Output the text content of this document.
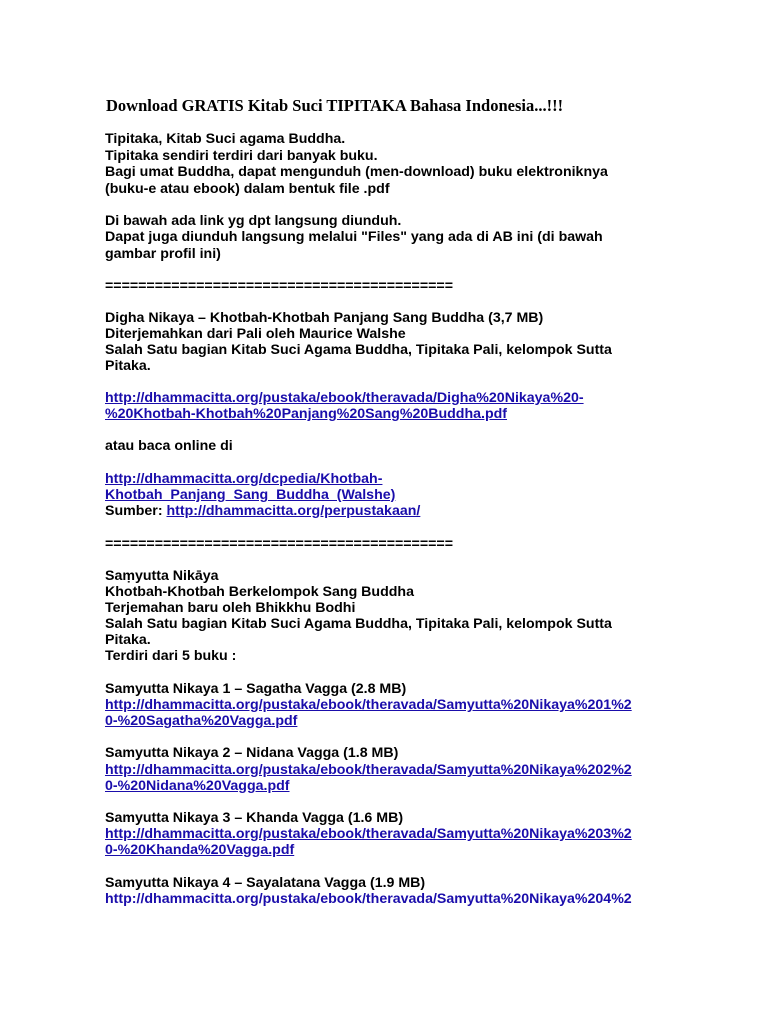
Download GRATIS Kitab Suci TIPITAKA Bahasa Indonesia...!!!
Tipitaka, Kitab Suci agama Buddha.
Tipitaka sendiri terdiri dari banyak buku.
Bagi umat Buddha, dapat mengunduh (men-download) buku elektroniknya
(buku-e atau ebook) dalam bentuk file .pdf
Di bawah ada link yg dpt langsung diunduh.
Dapat juga diunduh langsung melalui "Files" yang ada di AB ini (di bawah
gambar profil ini)
==========================================
Digha Nikaya – Khotbah-Khotbah Panjang Sang Buddha (3,7 MB)
Diterjemahkan dari Pali oleh Maurice Walshe
Salah Satu bagian Kitab Suci Agama Buddha, Tipitaka Pali, kelompok Sutta
Pitaka.
http://dhammacitta.org/pustaka/ebook/theravada/Digha%20Nikaya%20-
%20Khotbah-Khotbah%20Panjang%20Sang%20Buddha.pdf
atau baca online di
http://dhammacitta.org/dcpedia/Khotbah-
Khotbah_Panjang_Sang_Buddha_(Walshe)
Sumber: http://dhammacitta.org/perpustakaan/
==========================================
Saṃyutta Nikāya
Khotbah-Khotbah Berkelompok Sang Buddha
Terjemahan baru oleh Bhikkhu Bodhi
Salah Satu bagian Kitab Suci Agama Buddha, Tipitaka Pali, kelompok Sutta
Pitaka.
Terdiri dari 5 buku :
Samyutta Nikaya 1 – Sagatha Vagga (2.8 MB)
http://dhammacitta.org/pustaka/ebook/theravada/Samyutta%20Nikaya%201%2
0-%20Sagatha%20Vagga.pdf
Samyutta Nikaya 2 – Nidana Vagga (1.8 MB)
http://dhammacitta.org/pustaka/ebook/theravada/Samyutta%20Nikaya%202%2
0-%20Nidana%20Vagga.pdf
Samyutta Nikaya 3 – Khanda Vagga (1.6 MB)
http://dhammacitta.org/pustaka/ebook/theravada/Samyutta%20Nikaya%203%2
0-%20Khanda%20Vagga.pdf
Samyutta Nikaya 4 – Sayalatana Vagga (1.9 MB)
http://dhammacitta.org/pustaka/ebook/theravada/Samyutta%20Nikaya%204%2
